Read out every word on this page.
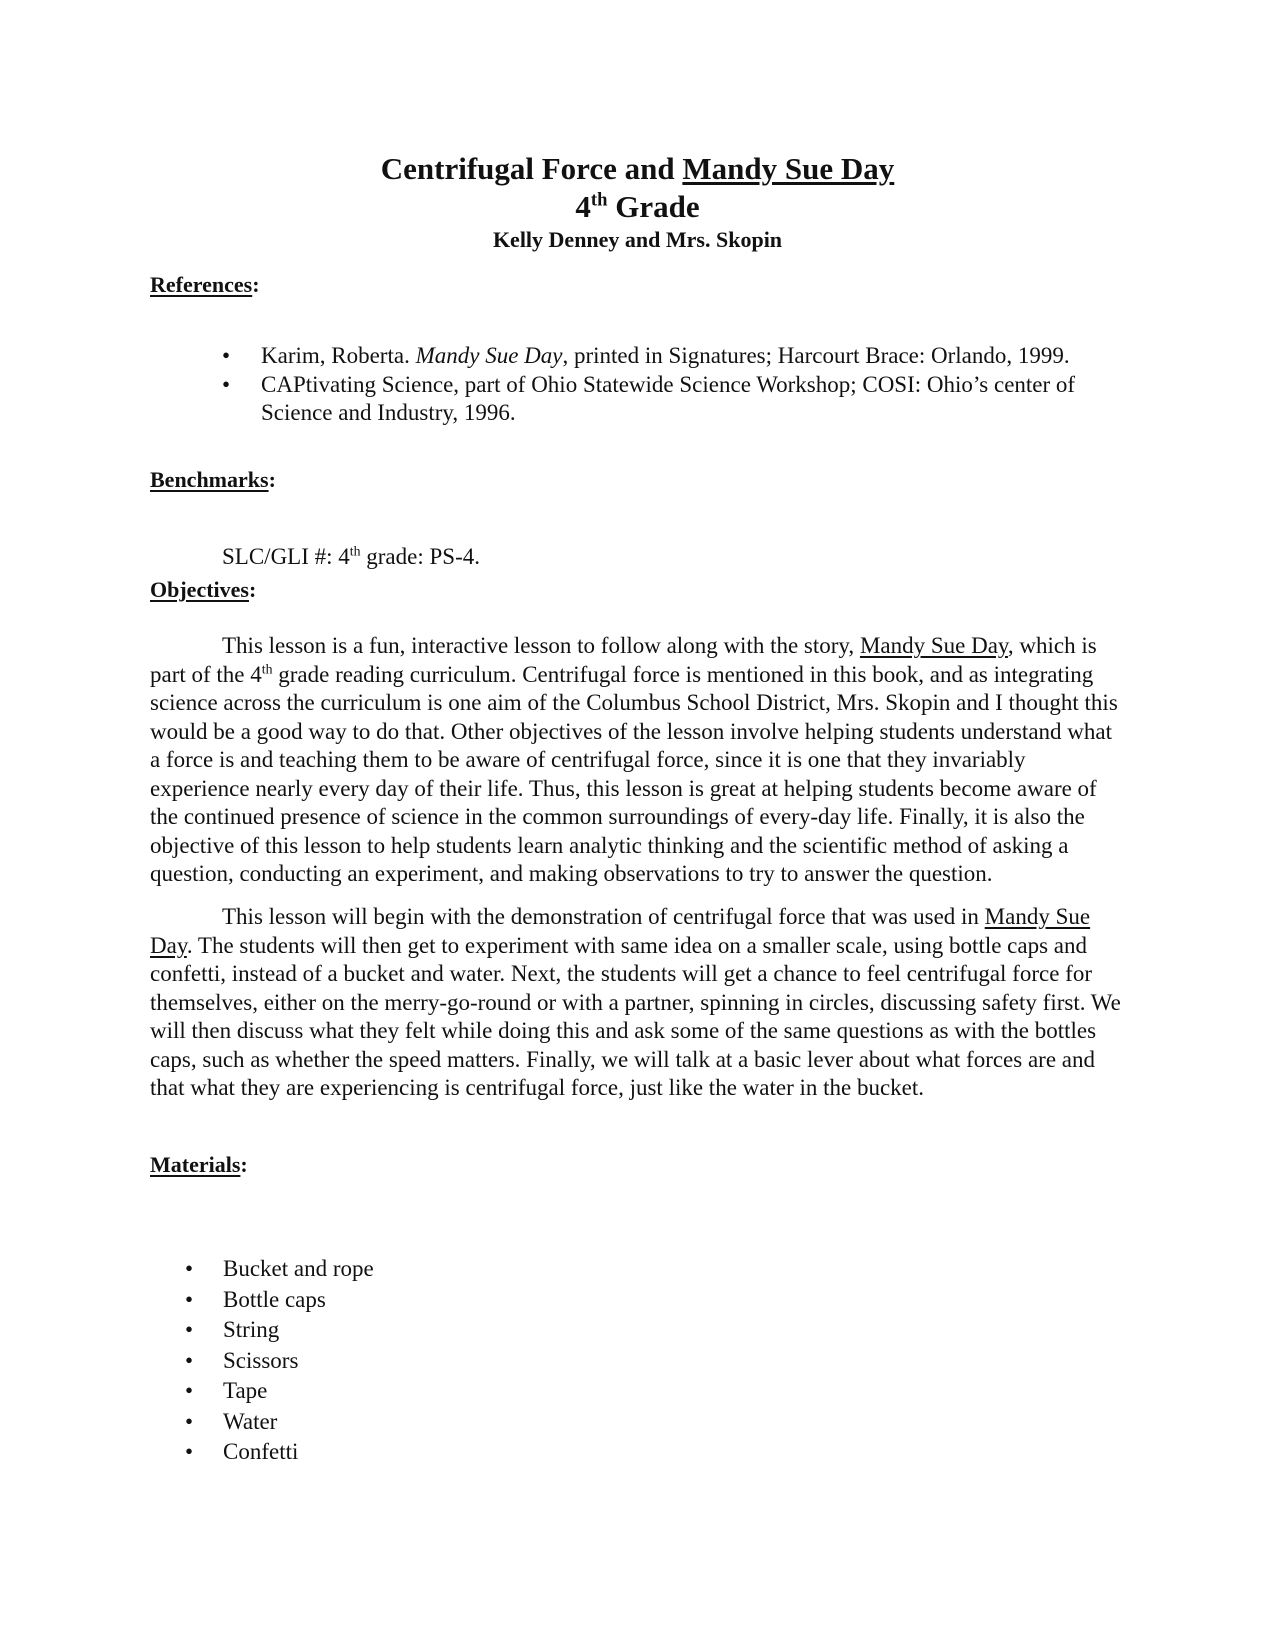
Centrifugal Force and Mandy Sue Day
4th Grade
Kelly Denney and Mrs. Skopin
References:
• Karim, Roberta. Mandy Sue Day, printed in Signatures; Harcourt Brace: Orlando, 1999.
• CAPtivating Science, part of Ohio Statewide Science Workshop; COSI: Ohio’s center of Science and Industry, 1996.
Benchmarks:
SLC/GLI #: 4th grade: PS-4.
Objectives:

This lesson is a fun, interactive lesson to follow along with the story, Mandy Sue Day, which is part of the 4th grade reading curriculum. Centrifugal force is mentioned in this book, and as integrating science across the curriculum is one aim of the Columbus School District, Mrs. Skopin and I thought this would be a good way to do that. Other objectives of the lesson involve helping students understand what a force is and teaching them to be aware of centrifugal force, since it is one that they invariably experience nearly every day of their life. Thus, this lesson is great at helping students become aware of the continued presence of science in the common surroundings of every-day life. Finally, it is also the objective of this lesson to help students learn analytic thinking and the scientific method of asking a question, conducting an experiment, and making observations to try to answer the question.

This lesson will begin with the demonstration of centrifugal force that was used in Mandy Sue Day. The students will then get to experiment with same idea on a smaller scale, using bottle caps and confetti, instead of a bucket and water. Next, the students will get a chance to feel centrifugal force for themselves, either on the merry-go-round or with a partner, spinning in circles, discussing safety first. We will then discuss what they felt while doing this and ask some of the same questions as with the bottles caps, such as whether the speed matters. Finally, we will talk at a basic lever about what forces are and that what they are experiencing is centrifugal force, just like the water in the bucket.

Materials:
• Bucket and rope
• Bottle caps
• String
• Scissors
• Tape
• Water
• Confetti
